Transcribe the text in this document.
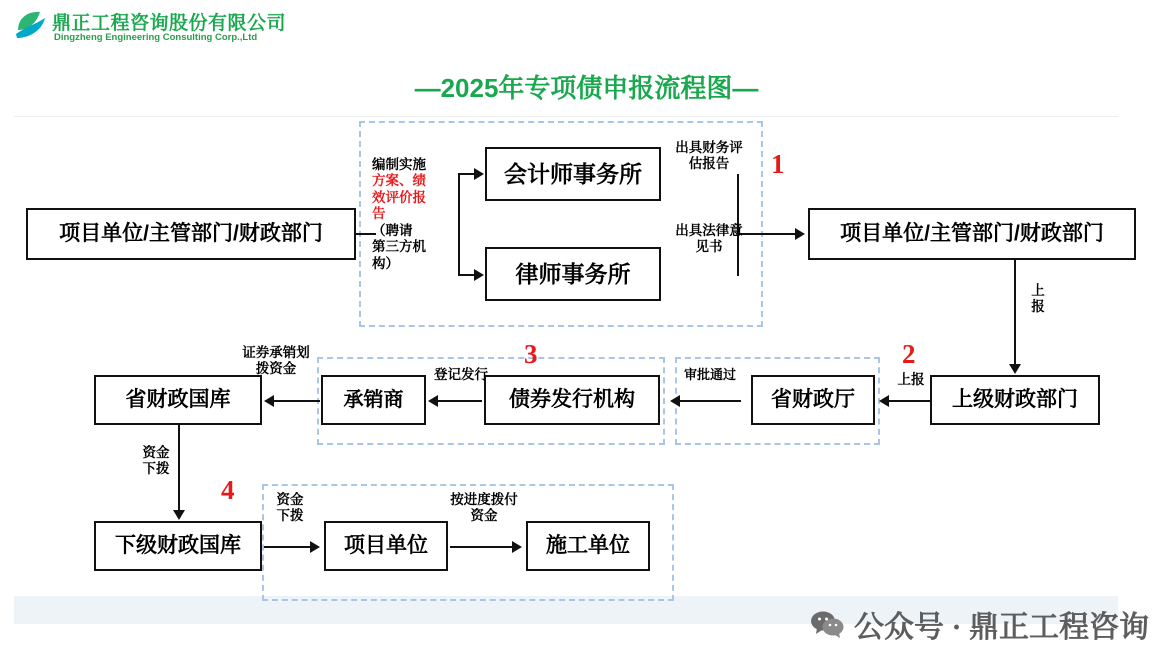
鼎正工程咨询股份有限公司
Dingzheng Engineering Consulting Corp.,Ltd
—2025年专项债申报流程图—
1
2
3
4
项目单位/主管部门/财政部门
会计师事务所
律师事务所
项目单位/主管部门/财政部门
编制实施
方案、绩
效评价报
告
（聘请
第三方机
构）
出具财务评
估报告
出具法律意
见书
上级财政部门
省财政厅
债券发行机构
承销商
省财政国库
上
报
上报
审批通过
登记发行
证券承销划
拨资金
下级财政国库	项目单位	施工单位
资金
下拨
资金
下拨
按进度拨付
资金
公众号 · 鼎正工程咨询
